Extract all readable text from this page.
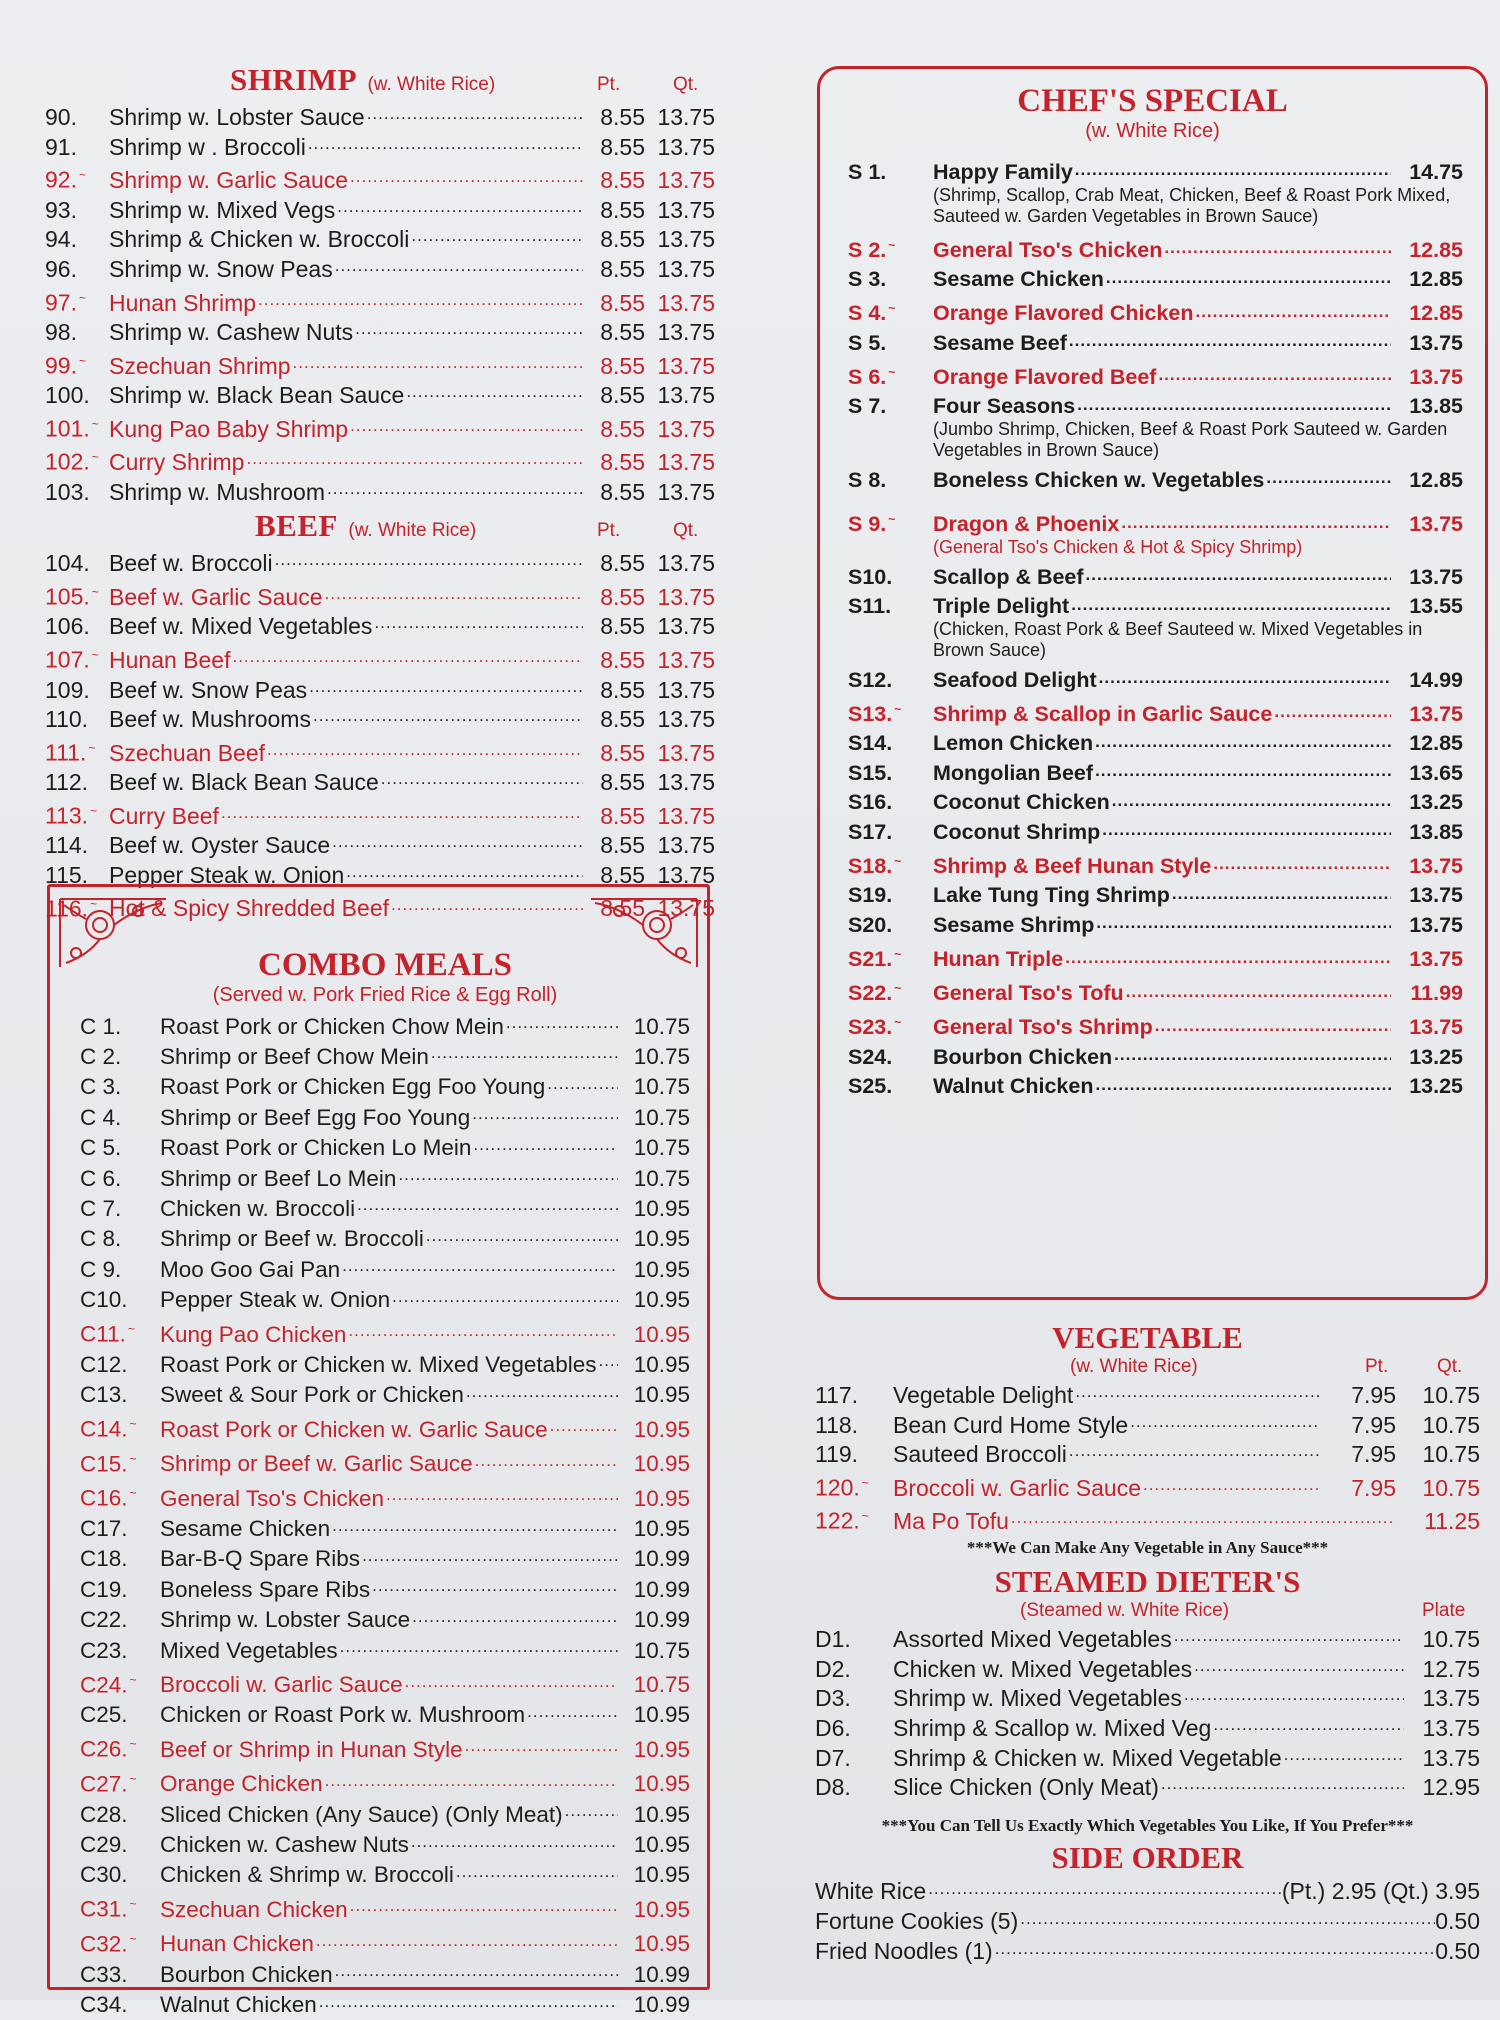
SHRIMP (w. White Rice)	Pt.	Qt.
90.	Shrimp w. Lobster Sauce .....	8.55 13.75
91.	Shrimp w . Broccoli .....	8.55 13.75
92. ~	Shrimp w. Garlic Sauce .....	8.55 13.75
93.	Shrimp w. Mixed Vegs .....	8.55 13.75
94.	Shrimp & Chicken w. Broccoli .....	8.55 13.75
96.	Shrimp w. Snow Peas .....	8.55 13.75
97. ~	Hunan Shrimp .....	8.55 13.75
98.	Shrimp w. Cashew Nuts .....	8.55 13.75
99. ~	Szechuan Shrimp .....	8.55 13.75
100. Shrimp w. Black Bean Sauce .....	8.55 13.75
101. ~ Kung Pao Baby Shrimp .....	8.55 13.75
102. ~ Curry Shrimp .....	8.55 13.75
103. Shrimp w. Mushroom .....	8.55 13.75
BEEF (w. White Rice)	Pt.	Qt.
104. Beef w. Broccoli .....	8.55 13.75
105. ~ Beef w. Garlic Sauce .....	8.55 13.75
106. Beef w. Mixed Vegetables .....	8.55 13.75
107. ~ Hunan Beef .....	8.55 13.75
109. Beef w. Snow Peas .....	8.55 13.75
110. Beef w. Mushrooms .....	8.55 13.75
111. ~ Szechuan Beef .....	8.55 13.75
112. Beef w. Black Bean Sauce .....	8.55 13.75
113. ~ Curry Beef .....	8.55 13.75
114. Beef w. Oyster Sauce .....	8.55 13.75
115. Pepper Steak w. Onion .....	8.55 13.75
116. ~ Hot & Spicy Shredded Beef .....	8.55 13.75
COMBO MEALS
(Served w. Pork Fried Rice & Egg Roll)
C 1.	Roast Pork or Chicken Chow Mein .....	10.75
C 2.	Shrimp or Beef Chow Mein .....	10.75
C 3.	Roast Pork or Chicken Egg Foo Young .....	10.75
C 4.	Shrimp or Beef Egg Foo Young .....	10.75
C 5.	Roast Pork or Chicken Lo Mein .....	10.75
C 6.	Shrimp or Beef Lo Mein .....	10.75
C 7.	Chicken w. Broccoli .....	10.95
C 8.	Shrimp or Beef w. Broccoli .....	10.95
C 9.	Moo Goo Gai Pan .....	10.95
C10.	Pepper Steak w. Onion .....	10.95
C11. ~	Kung Pao Chicken .....	10.95
C12.	Roast Pork or Chicken w. Mixed Vegetables .....	10.95
C13.	Sweet & Sour Pork or Chicken .....	10.95
C14. ~	Roast Pork or Chicken w. Garlic Sauce .....	10.95
C15. ~	Shrimp or Beef w. Garlic Sauce .....	10.95
C16. ~	General Tso's Chicken .....	10.95
C17.	Sesame Chicken .....	10.95
C18.	Bar-B-Q Spare Ribs .....	10.99
C19.	Boneless Spare Ribs .....	10.99
C22.	Shrimp w. Lobster Sauce .....	10.99
C23.	Mixed Vegetables .....	10.75
C24. ~	Broccoli w. Garlic Sauce .....	10.75
C25.	Chicken or Roast Pork w. Mushroom .....	10.95
C26. ~	Beef or Shrimp in Hunan Style .....	10.95
C27. ~	Orange Chicken .....	10.95
C28.	Sliced Chicken (Any Sauce) (Only Meat) .....	10.95
C29.	Chicken w. Cashew Nuts .....	10.95
C30.	Chicken & Shrimp w. Broccoli .....	10.95
C31. ~	Szechuan Chicken .....	10.95
C32. ~	Hunan Chicken .....	10.95
C33.	Bourbon Chicken .....	10.99
C34.	Walnut Chicken .....	10.99
CHEF'S SPECIAL
(w. White Rice)
S 1.	Happy Family .....	14.75
(Shrimp, Scallop, Crab Meat, Chicken, Beef & Roast Pork Mixed, Sauteed w. Garden Vegetables in Brown Sauce)
S 2. ~	General Tso's Chicken .....	12.85
S 3.	Sesame Chicken .....	12.85
S 4. ~	Orange Flavored Chicken .....	12.85
S 5.	Sesame Beef .....	13.75
S 6. ~	Orange Flavored Beef .....	13.75
S 7.	Four Seasons .....	13.85
(Jumbo Shrimp, Chicken, Beef & Roast Pork Sauteed w. Garden Vegetables in Brown Sauce)
S 8.	Boneless Chicken w. Vegetables .....	12.85
S 9. ~	Dragon & Phoenix .....	13.75
(General Tso's Chicken & Hot & Spicy Shrimp)
S10.	Scallop & Beef .....	13.75
S11.	Triple Delight .....	13.55
(Chicken, Roast Pork & Beef Sauteed w. Mixed Vegetables in Brown Sauce)
S12.	Seafood Delight .....	14.99
S13. ~	Shrimp & Scallop in Garlic Sauce .....	13.75
S14.	Lemon Chicken .....	12.85
S15.	Mongolian Beef .....	13.65
S16.	Coconut Chicken .....	13.25
S17.	Coconut Shrimp .....	13.85
S18. ~	Shrimp & Beef Hunan Style .....	13.75
S19.	Lake Tung Ting Shrimp .....	13.75
S20.	Sesame Shrimp .....	13.75
S21. ~	Hunan Triple .....	13.75
S22. ~	General Tso's Tofu .....	11.99
S23. ~	General Tso's Shrimp .....	13.75
S24.	Bourbon Chicken .....	13.25
S25.	Walnut Chicken .....	13.25
VEGETABLE
(w. White Rice)	Pt.	Qt.
117.	Vegetable Delight .....	7.95	10.75
118.	Bean Curd Home Style .....	7.95	10.75
119.	Sauteed Broccoli .....	7.95	10.75
120. ~	Broccoli w. Garlic Sauce .....	7.95	10.75
122. ~	Ma Po Tofu .....	11.25
***We Can Make Any Vegetable in Any Sauce***
STEAMED DIETER'S
(Steamed w. White Rice)	Plate
D1.	Assorted Mixed Vegetables .....	10.75
D2.	Chicken w. Mixed Vegetables .....	12.75
D3.	Shrimp w. Mixed Vegetables .....	13.75
D6.	Shrimp & Scallop w. Mixed Veg .....	13.75
D7.	Shrimp & Chicken w. Mixed Vegetable .....	13.75
D8.	Slice Chicken (Only Meat) .....	12.95
***You Can Tell Us Exactly Which Vegetables You Like, If You Prefer***
SIDE ORDER
White Rice .....	(Pt.) 2.95 (Qt.) 3.95
Fortune Cookies (5) .....	0.50
Fried Noodles (1) .....	0.50
